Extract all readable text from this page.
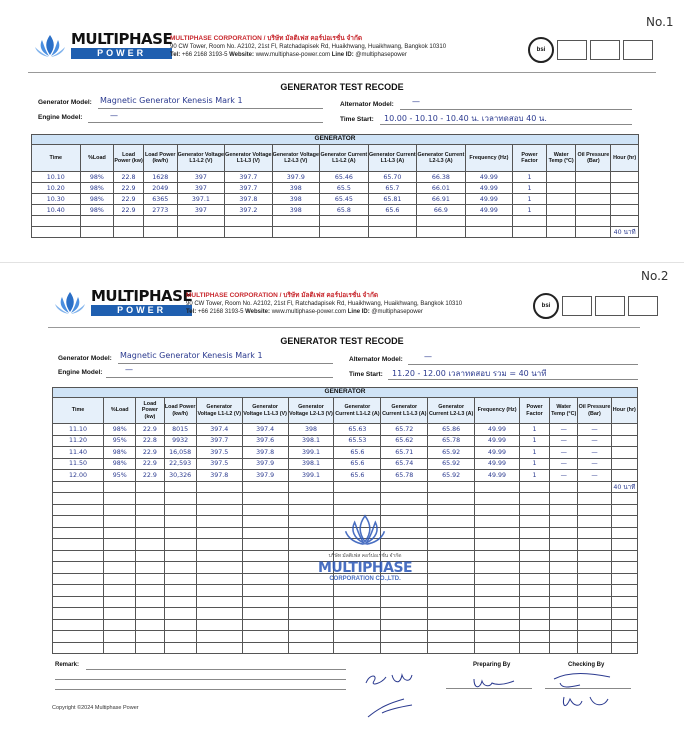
No.1
MULTIPHASE
POWER
MULTIPHASE CORPORATION / บริษัท มัลติเฟส คอร์ปอเรชั่น จำกัด
90 CW Tower, Room No. A2102, 21st Fl, Ratchadapisek Rd, Huaikhwang, Huaikhwang, Bangkok 10310
Tel: +66 2168 3193-5 Website: www.multiphase-power.com Line ID: @multiphasepower
bsi
GENERATOR TEST RECODE
Generator Model: Magnetic Generator Kenesis Mark 1
Engine Model:	—
Alternator Model: —
Time Start: 10.00 - 10.10 - 10.40 น. เวลาทดสอบ 40 น.
GENERATOR														
Time	%Load	Load Power (kw)	Load Power (kw/h)	Generator Voltage L1-L2 (V)	Generator Voltage L1-L3 (V)	Generator Voltage L2-L3 (V)	Generator Current L1-L2 (A)	Generator Current L1-L3 (A)	Generator Current L2-L3 (A)	Frequency (Hz)	Power Factor	Water Temp (°C)	Oil Pressure (Bar)	Hour (hr)
10.10	98%	22.8	1628	397	397.7	397.9	65.46	65.70	66.38	49.99	1			
10.20	98%	22.9	2049	397	397.7	398	65.5	65.7	66.01	49.99	1			
10.30	98%	22.9	6365	397.1	397.8	398	65.45	65.81	66.91	49.99	1			
10.40	98%	22.9	2773	397	397.2	398	65.8	65.6	66.9	49.99	1			

														40 นาที
No.2
MULTIPHASE
POWER
MULTIPHASE CORPORATION / บริษัท มัลติเฟส คอร์ปอเรชั่น จำกัด
90 CW Tower, Room No. A2102, 21st Fl, Ratchadapisek Rd, Huaikhwang, Huaikhwang, Bangkok 10310
Tel: +66 2168 3193-5 Website: www.multiphase-power.com Line ID: @multiphasepower
bsi
GENERATOR TEST RECODE
Generator Model: Magnetic Generator Kenesis Mark 1
Engine Model:	—
Alternator Model:	—
Time Start: 11.20 - 12.00 เวลาทดสอบ รวม = 40 นาที
GENERATOR														
Time	%Load	Load Power (kw)	Load Power (kw/h)	Generator Voltage L1-L2 (V)	Generator Voltage L1-L3 (V)	Generator Voltage L2-L3 (V)	Generator Current L1-L2 (A)	Generator Current L1-L3 (A)	Generator Current L2-L3 (A)	Frequency (Hz)	Power Factor	Water Temp (°C)	Oil Pressure (Bar)	Hour (hr)
11.10	98%	22.9	8015	397.4	397.4	398	65.63	65.72	65.86	49.99	1	—	—	
11.20	95%	22.8	9932	397.7	397.6	398.1	65.53	65.62	65.78	49.99	1	—	—	
11.40	98%	22.9	16,058	397.5	397.8	399.1	65.6	65.71	65.92	49.99	1	—	—	
11.50	98%	22.9	22,593	397.5	397.9	398.1	65.6	65.74	65.92	49.99	1	—	—	
12.00	95%	22.9	30,326	397.8	397.9	399.1	65.6	65.78	65.92	49.99	1	—	—	
														40 นาที

บริษัท มัลติเฟส คอร์ปอเรชั่น จำกัด
MULTIPHASE
CORPORATION CO.,LTD.
Remark:	Preparing By	Checking By
Copyright ©2024 Multiphase Power
